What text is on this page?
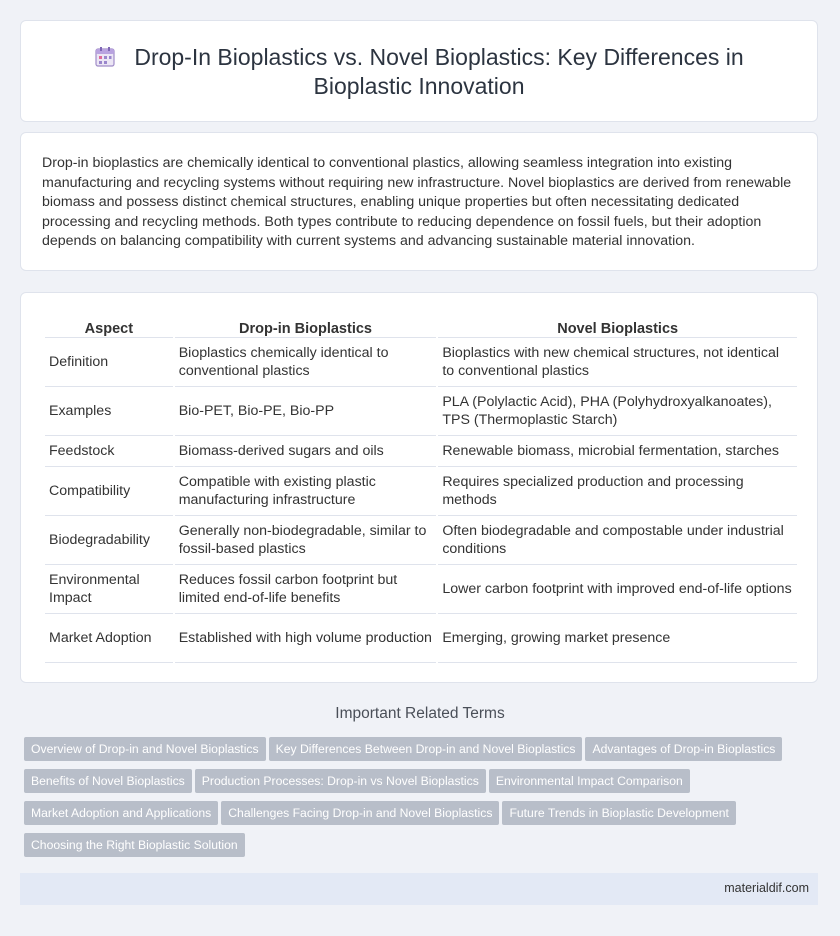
Drop-In Bioplastics vs. Novel Bioplastics: Key Differences in Bioplastic Innovation
Drop-in bioplastics are chemically identical to conventional plastics, allowing seamless integration into existing manufacturing and recycling systems without requiring new infrastructure. Novel bioplastics are derived from renewable biomass and possess distinct chemical structures, enabling unique properties but often necessitating dedicated processing and recycling methods. Both types contribute to reducing dependence on fossil fuels, but their adoption depends on balancing compatibility with current systems and advancing sustainable material innovation.
Aspect	Drop-in Bioplastics	Novel Bioplastics
Definition	Bioplastics chemically identical to conventional plastics	Bioplastics with new chemical structures, not identical to conventional plastics
Examples	Bio-PET, Bio-PE, Bio-PP	PLA (Polylactic Acid), PHA (Polyhydroxyalkanoates), TPS (Thermoplastic Starch)
Feedstock	Biomass-derived sugars and oils	Renewable biomass, microbial fermentation, starches
Compatibility	Compatible with existing plastic manufacturing infrastructure	Requires specialized production and processing methods
Biodegradability	Generally non-biodegradable, similar to fossil-based plastics	Often biodegradable and compostable under industrial conditions
Environmental Impact	Reduces fossil carbon footprint but limited end-of-life benefits	Lower carbon footprint with improved end-of-life options
Market Adoption	Established with high volume production	Emerging, growing market presence
Important Related Terms
Overview of Drop-in and Novel Bioplastics Key Differences Between Drop-in and Novel Bioplastics Advantages of Drop-in Bioplastics
Benefits of Novel Bioplastics Production Processes: Drop-in vs Novel Bioplastics Environmental Impact Comparison
Market Adoption and Applications Challenges Facing Drop-in and Novel Bioplastics Future Trends in Bioplastic Development
Choosing the Right Bioplastic Solution
materialdif.com
